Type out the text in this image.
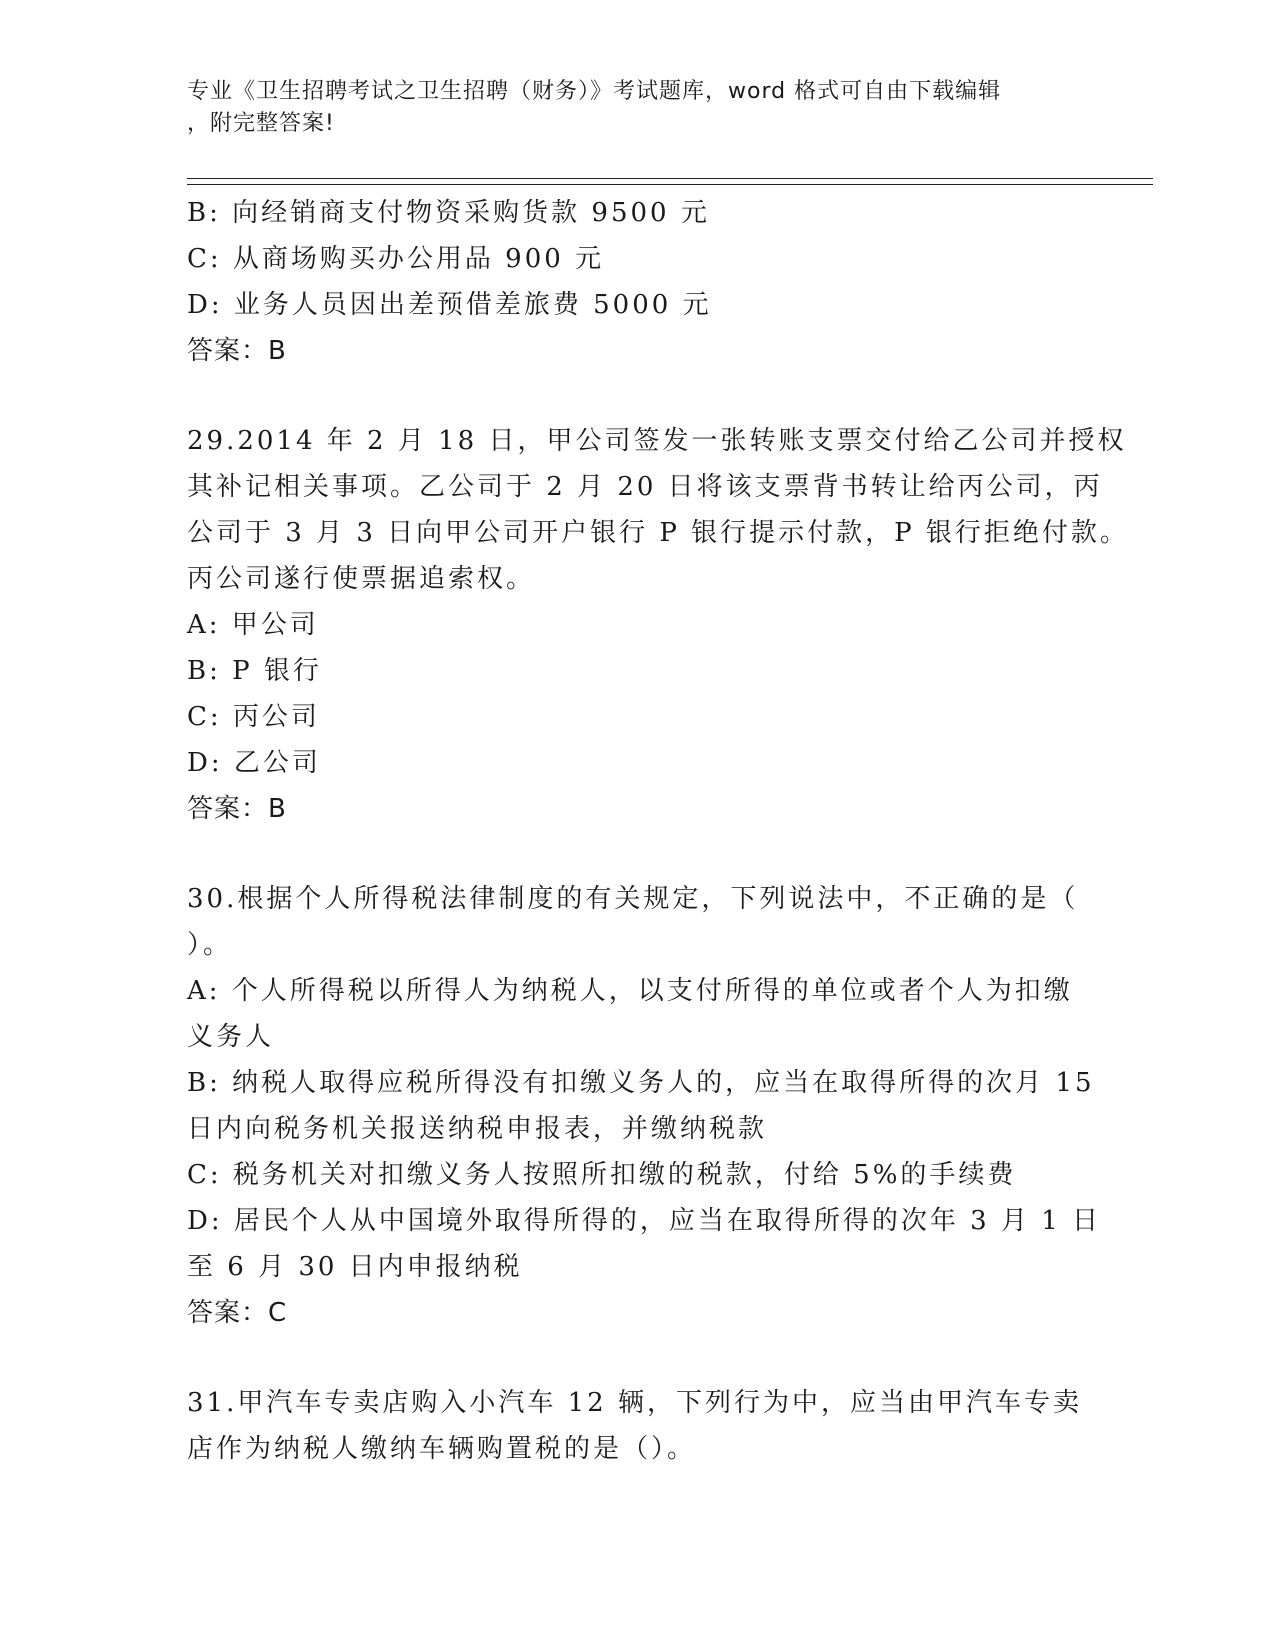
专业《卫生招聘考试之卫生招聘（财务）》考试题库，word 格式可自由下载编辑
，附完整答案!
B: 向经销商支付物资采购货款 9500 元
C: 从商场购买办公用品 900 元
D: 业务人员因出差预借差旅费 5000 元
答案：B
29.2014 年 2 月 18 日，甲公司签发一张转账支票交付给乙公司并授权
其补记相关事项。乙公司于 2 月 20 日将该支票背书转让给丙公司，丙
公司于 3 月 3 日向甲公司开户银行 P 银行提示付款，P 银行拒绝付款。
丙公司遂行使票据追索权。
A: 甲公司
B: P 银行
C: 丙公司
D: 乙公司
答案：B
30.根据个人所得税法律制度的有关规定，下列说法中，不正确的是（
）。
A: 个人所得税以所得人为纳税人，以支付所得的单位或者个人为扣缴
义务人
B: 纳税人取得应税所得没有扣缴义务人的，应当在取得所得的次月 15
日内向税务机关报送纳税申报表，并缴纳税款
C: 税务机关对扣缴义务人按照所扣缴的税款，付给 5%的手续费
D: 居民个人从中国境外取得所得的，应当在取得所得的次年 3 月 1 日
至 6 月 30 日内申报纳税
答案：C
31.甲汽车专卖店购入小汽车 12 辆，下列行为中，应当由甲汽车专卖
店作为纳税人缴纳车辆购置税的是（）。
